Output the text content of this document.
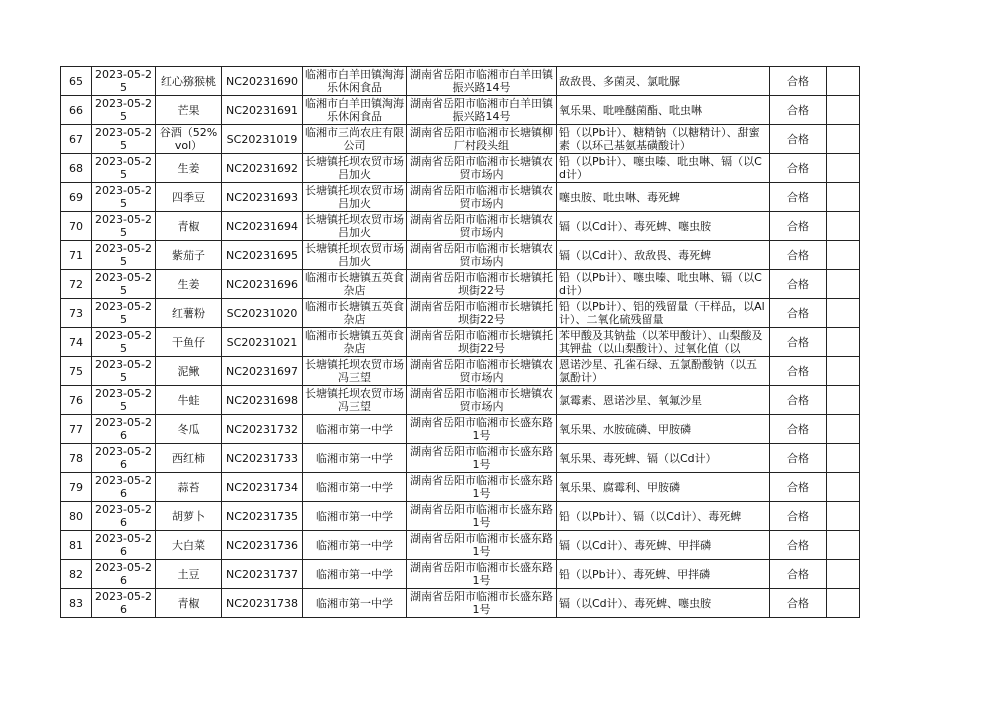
65	2023-05-25	红心猕猴桃	NC20231690	临湘市白羊田镇淘海乐休闲食品	湖南省岳阳市临湘市白羊田镇振兴路14号	敌敌畏、多菌灵、氯吡脲	合格	

66	2023-05-25	芒果	NC20231691	临湘市白羊田镇淘海乐休闲食品	湖南省岳阳市临湘市白羊田镇振兴路14号	氧乐果、吡唑醚菌酯、吡虫啉	合格	

67	2023-05-25	谷酒（52%vol）	SC20231019	临湘市三尚农庄有限公司	湖南省岳阳市临湘市长塘镇柳厂村段头组	铅（以Pb计）、糖精钠（以糖精计）、甜蜜素（以环己基氨基磺酸计）	合格	

68	2023-05-25	生姜	NC20231692	长塘镇托坝农贸市场吕加火	湖南省岳阳市临湘市长塘镇农贸市场内	铅（以Pb计）、噻虫嗪、吡虫啉、镉（以Cd计）	合格	

69	2023-05-25	四季豆	NC20231693	长塘镇托坝农贸市场吕加火	湖南省岳阳市临湘市长塘镇农贸市场内	噻虫胺、吡虫啉、毒死蜱	合格	

70	2023-05-25	青椒	NC20231694	长塘镇托坝农贸市场吕加火	湖南省岳阳市临湘市长塘镇农贸市场内	镉（以Cd计）、毒死蜱、噻虫胺	合格	

71	2023-05-25	紫茄子	NC20231695	长塘镇托坝农贸市场吕加火	湖南省岳阳市临湘市长塘镇农贸市场内	镉（以Cd计）、敌敌畏、毒死蜱	合格	

72	2023-05-25	生姜	NC20231696	临湘市长塘镇五英食杂店	湖南省岳阳市临湘市长塘镇托坝街22号	铅（以Pb计）、噻虫嗪、吡虫啉、镉（以Cd计）	合格	

73	2023-05-25	红薯粉	SC20231020	临湘市长塘镇五英食杂店	湖南省岳阳市临湘市长塘镇托坝街22号	铅（以Pb计）、铝的残留量（干样品，以Al计）、二氧化硫残留量	合格	

74	2023-05-25	干鱼仔	SC20231021	临湘市长塘镇五英食杂店	湖南省岳阳市临湘市长塘镇托坝街22号	苯甲酸及其钠盐（以苯甲酸计）、山梨酸及其钾盐（以山梨酸计）、过氧化值（以	合格	

75	2023-05-25	泥鳅	NC20231697	长塘镇托坝农贸市场冯三望	湖南省岳阳市临湘市长塘镇农贸市场内	恩诺沙星、孔雀石绿、五氯酚酸钠（以五氯酚计）	合格	

76	2023-05-25	牛蛙	NC20231698	长塘镇托坝农贸市场冯三望	湖南省岳阳市临湘市长塘镇农贸市场内	氯霉素、恩诺沙星、氧氟沙星	合格	

77	2023-05-26	冬瓜	NC20231732	临湘市第一中学	湖南省岳阳市临湘市长盛东路1号	氧乐果、水胺硫磷、甲胺磷	合格	

78	2023-05-26	西红柿	NC20231733	临湘市第一中学	湖南省岳阳市临湘市长盛东路1号	氧乐果、毒死蜱、镉（以Cd计）	合格	

79	2023-05-26	蒜苔	NC20231734	临湘市第一中学	湖南省岳阳市临湘市长盛东路1号	氧乐果、腐霉利、甲胺磷	合格	

80	2023-05-26	胡萝卜	NC20231735	临湘市第一中学	湖南省岳阳市临湘市长盛东路1号	铅（以Pb计）、镉（以Cd计）、毒死蜱	合格	

81	2023-05-26	大白菜	NC20231736	临湘市第一中学	湖南省岳阳市临湘市长盛东路1号	镉（以Cd计）、毒死蜱、甲拌磷	合格	

82	2023-05-26	土豆	NC20231737	临湘市第一中学	湖南省岳阳市临湘市长盛东路1号	铅（以Pb计）、毒死蜱、甲拌磷	合格	

83	2023-05-26	青椒	NC20231738	临湘市第一中学	湖南省岳阳市临湘市长盛东路1号	镉（以Cd计）、毒死蜱、噻虫胺	合格	
